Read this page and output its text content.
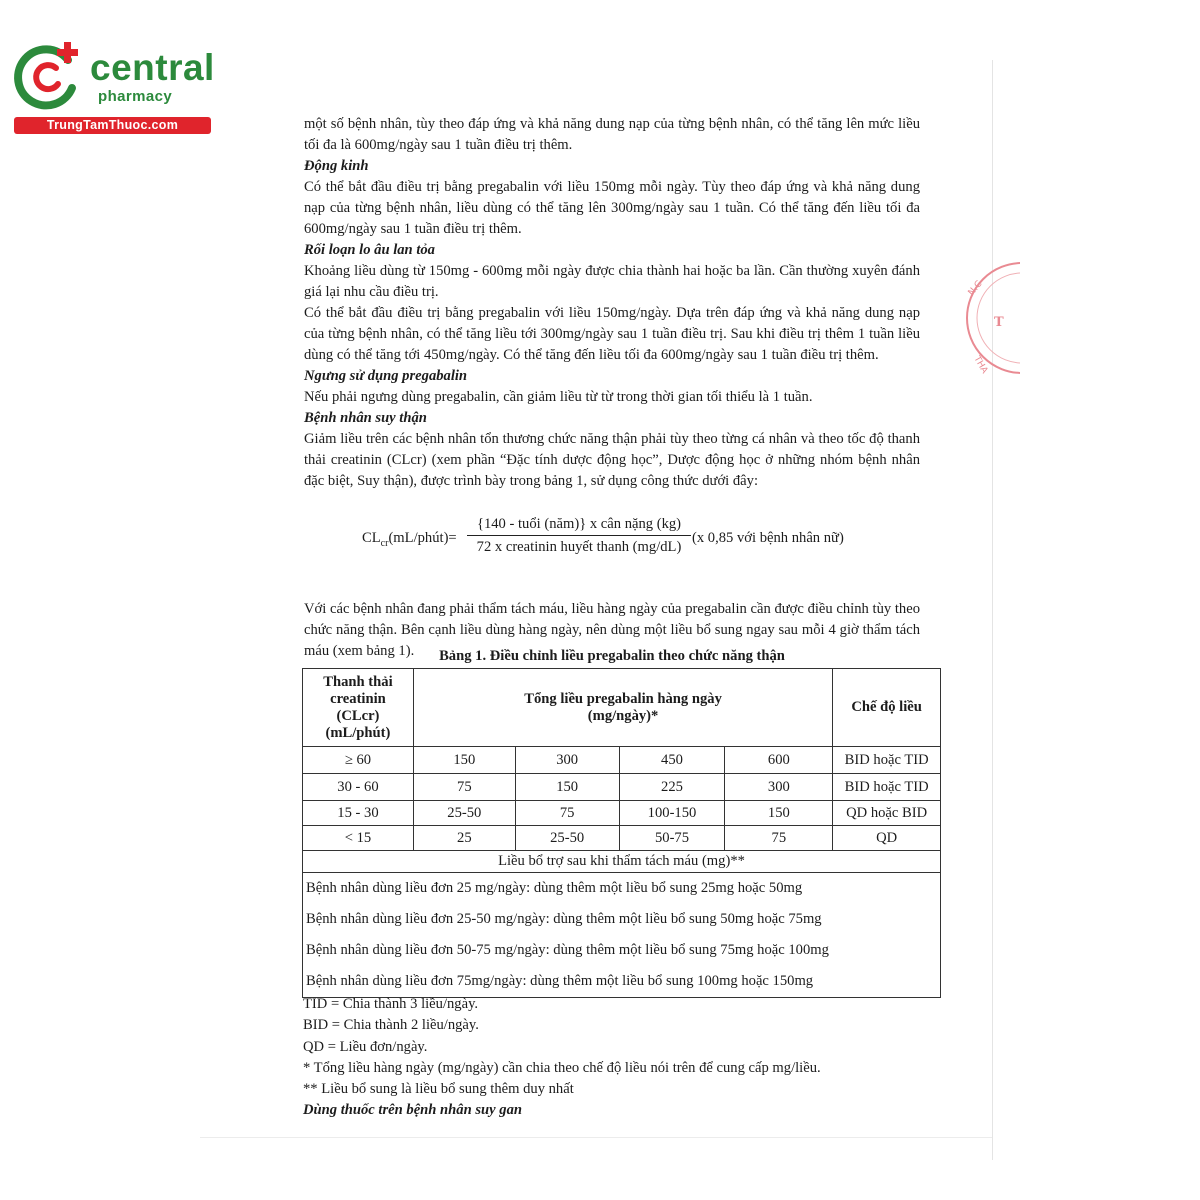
central
pharmacy
TrungTamThuoc.com
T
N.C
THA

một số bệnh nhân, tùy theo đáp ứng và khả năng dung nạp của từng bệnh nhân, có thể tăng lên mức liều tối đa là 600mg/ngày sau 1 tuần điều trị thêm.

Động kinh

Có thể bắt đầu điều trị bằng pregabalin với liều 150mg mỗi ngày. Tùy theo đáp ứng và khả năng dung nạp của từng bệnh nhân, liều dùng có thể tăng lên 300mg/ngày sau 1 tuần. Có thể tăng đến liều tối đa 600mg/ngày sau 1 tuần điều trị thêm.

Rối loạn lo âu lan tỏa

Khoảng liều dùng từ 150mg - 600mg mỗi ngày được chia thành hai hoặc ba lần. Cần thường xuyên đánh giá lại nhu cầu điều trị.

Có thể bắt đầu điều trị bằng pregabalin với liều 150mg/ngày. Dựa trên đáp ứng và khả năng dung nạp của từng bệnh nhân, có thể tăng liều tới 300mg/ngày sau 1 tuần điều trị. Sau khi điều trị thêm 1 tuần liều dùng có thể tăng tới 450mg/ngày. Có thể tăng đến liều tối đa 600mg/ngày sau 1 tuần điều trị thêm.

Ngưng sử dụng pregabalin

Nếu phải ngưng dùng pregabalin, cần giảm liều từ từ trong thời gian tối thiểu là 1 tuần.

Bệnh nhân suy thận

Giảm liều trên các bệnh nhân tổn thương chức năng thận phải tùy theo từng cá nhân và theo tốc độ thanh thải creatinin (CLcr) (xem phần “Đặc tính dược động học”, Dược động học ở những nhóm bệnh nhân đặc biệt, Suy thận), được trình bày trong bảng 1, sử dụng công thức dưới đây:

$CL_{cr}(mL/phút)=$
{140 - tuổi (năm)} x cân nặng (kg)
72 x creatinin huyết thanh (mg/dL)
(x 0,85 với bệnh nhân nữ)

Với các bệnh nhân đang phải thẩm tách máu, liều hàng ngày của pregabalin cần được điều chỉnh tùy theo chức năng thận. Bên cạnh liều dùng hàng ngày, nên dùng một liều bổ sung ngay sau mỗi 4 giờ thẩm tách máu (xem bảng 1).	Bảng 1. Điều chỉnh liều pregabalin theo chức năng thận
Thanh thải creatinin (CLcr) (mL/phút)	Tổng liều pregabalin hàng ngày (mg/ngày)*				Chế độ liều
≥ 60	150	300	450	600	BID hoặc TID
30 - 60	75	150	225	300	BID hoặc TID
15 - 30	25-50	75	100-150	150	QD hoặc BID
< 15	25	25-50	50-75	75	QD
Liều bổ trợ sau khi thẩm tách máu (mg)**					

Bệnh nhân dùng liều đơn 25 mg/ngày: dùng thêm một liều bổ sung 25mg hoặc 50mg
Bệnh nhân dùng liều đơn 25-50 mg/ngày: dùng thêm một liều bổ sung 50mg hoặc 75mg
Bệnh nhân dùng liều đơn 50-75 mg/ngày: dùng thêm một liều bổ sung 75mg hoặc 100mg
Bệnh nhân dùng liều đơn 75mg/ngày: dùng thêm một liều bổ sung 100mg hoặc 150mg					

TID = Chia thành 3 liều/ngày.

BID = Chia thành 2 liều/ngày.

QD = Liều đơn/ngày.

* Tổng liều hàng ngày (mg/ngày) cần chia theo chế độ liều nói trên để cung cấp mg/liều.

** Liều bổ sung là liều bổ sung thêm duy nhất

Dùng thuốc trên bệnh nhân suy gan
